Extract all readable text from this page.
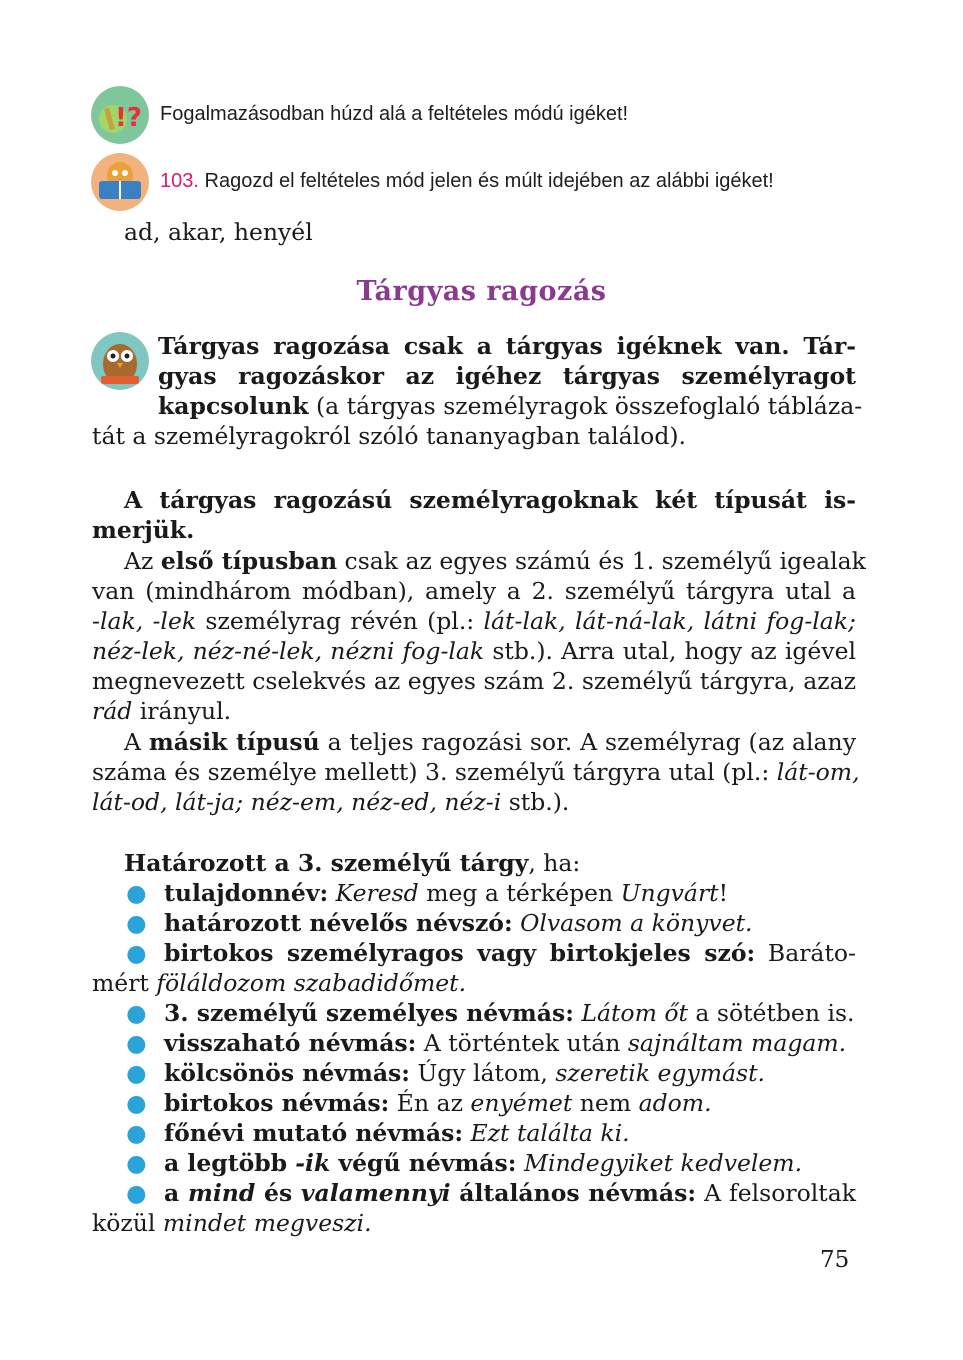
!? Fogalmazásodban húzd alá a feltételes módú igéket!
103. Ragozd el feltételes mód jelen és múlt idejében az alábbi igéket!
ad, akar, henyél
Tárgyas ragozás
Tárgyas ragozása csak a tárgyas igéknek van. Tár-
gyas ragozáskor az igéhez tárgyas személyragot
kapcsolunk (a tárgyas személyragok összefoglaló tábláza-
tát a személyragokról szóló tananyagban találod).
A tárgyas ragozású személyragoknak két típusát is-
merjük.
Az első típusban csak az egyes számú és 1. személyű igealak
van (mindhárom módban), amely a 2. személyű tárgyra utal a
-lak, -lek személyrag révén (pl.: lát-lak, lát-ná-lak, látni fog-lak;
néz-lek, néz-né-lek, nézni fog-lak stb.). Arra utal, hogy az igével
megnevezett cselekvés az egyes szám 2. személyű tárgyra, azaz
rád irányul.
A másik típusú a teljes ragozási sor. A személyrag (az alany
száma és személye mellett) 3. személyű tárgyra utal (pl.: lát-om,
lát-od, lát-ja; néz-em, néz-ed, néz-i stb.).
Határozott a 3. személyű tárgy, ha:
● tulajdonnév: Keresd meg a térképen Ungvárt!
● határozott névelős névszó: Olvasom a könyvet.
● birtokos személyragos vagy birtokjeles szó: Baráto-
mért föláldozom szabadidőmet.
● 3. személyű személyes névmás: Látom őt a sötétben is.
● visszaható névmás: A történtek után sajnáltam magam.
● kölcsönös névmás: Úgy látom, szeretik egymást.
● birtokos névmás: Én az enyémet nem adom.
● főnévi mutató névmás: Ezt találta ki.
● a legtöbb -ik végű névmás: Mindegyiket kedvelem.
● a mind és valamennyi általános névmás: A felsoroltak
közül mindet megveszi.
75
